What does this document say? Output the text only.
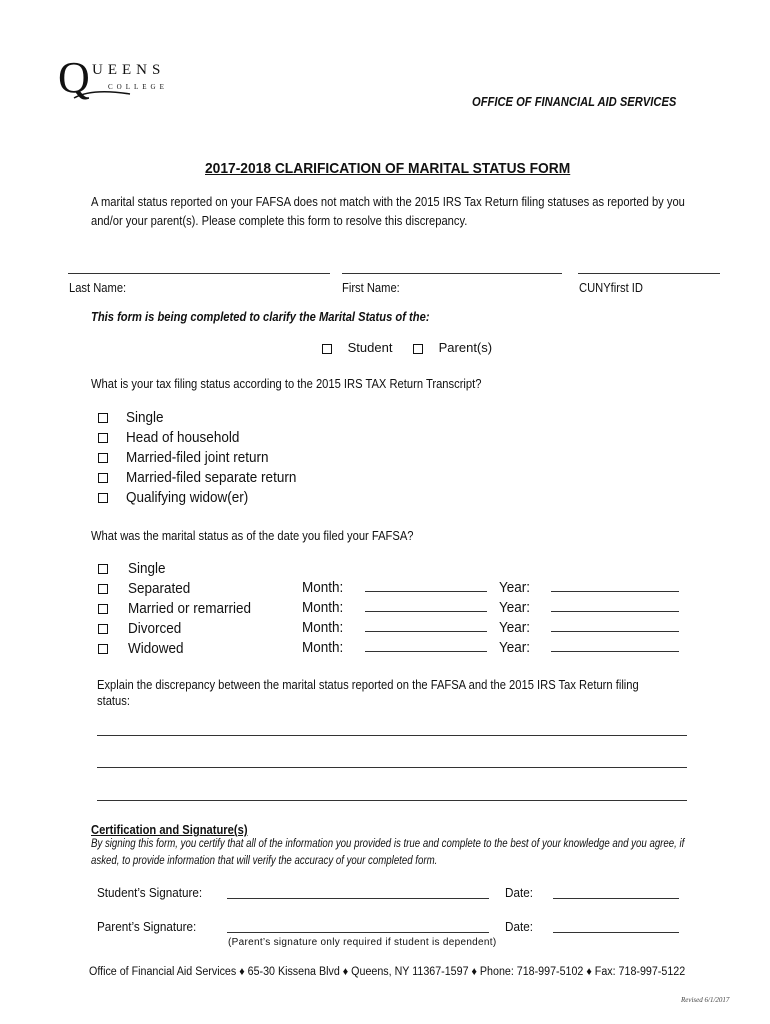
Q UEENS
COLLEGE
OFFICE OF FINANCIAL AID SERVICES
2017-2018 CLARIFICATION OF MARITAL STATUS FORM
A marital status reported on your FAFSA does not match with the 2015 IRS Tax Return filing statuses as reported by you
and/or your parent(s). Please complete this form to resolve this discrepancy.
Last Name:	First Name:	CUNYfirst ID
This form is being completed to clarify the Marital Status of the:
Student	Parent(s)
What is your tax filing status according to the 2015 IRS TAX Return Transcript?
Single
Head of household
Married-filed joint return
Married-filed separate return
Qualifying widow(er)
What was the marital status as of the date you filed your FAFSA?
Single
Separated	Month:	Year:
Married or remarried	Month:	Year:
Divorced	Month:	Year:
Widowed	Month:	Year:
Explain the discrepancy between the marital status reported on the FAFSA and the 2015 IRS Tax Return filing
status:
Certification and Signature(s)
By signing this form, you certify that all of the information you provided is true and complete to the best of your knowledge and you agree, if
asked, to provide information that will verify the accuracy of your completed form.
Student’s Signature:	Date:
Parent’s Signature:	Date:
(Parent’s signature only required if student is dependent)
Office of Financial Aid Services ♦ 65-30 Kissena Blvd ♦ Queens, NY 11367-1597 ♦ Phone: 718-997-5102 ♦ Fax: 718-997-5122
Revised 6/1/2017
